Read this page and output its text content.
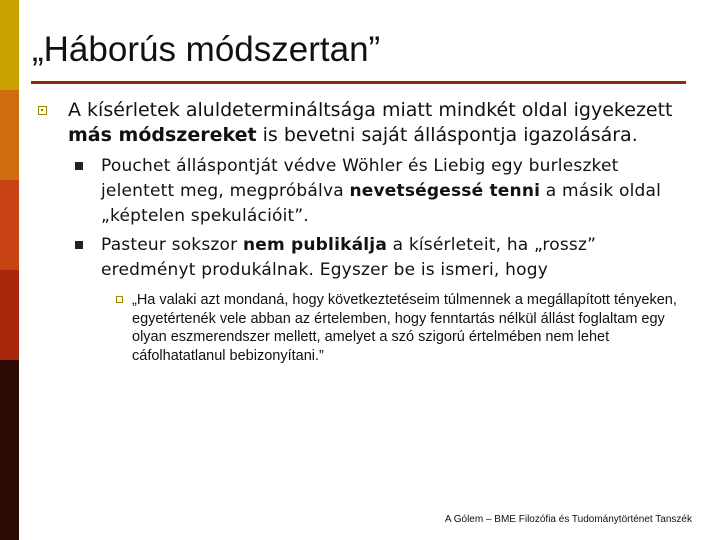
„Háborús módszertan”
A kísérletek aluldetermináltsága miatt mindkét oldal igyekezett más módszereket is bevetni saját álláspontja igazolására.
Pouchet álláspontját védve Wöhler és Liebig egy burleszket jelentett meg, megpróbálva nevetségessé tenni a másik oldal „képtelen spekulációit”.
Pasteur sokszor nem publikálja a kísérleteit, ha „rossz” eredményt produkálnak. Egyszer be is ismeri, hogy
„Ha valaki azt mondaná, hogy következtetéseim túlmennek a megállapított tényeken, egyetértenék vele abban az értelemben, hogy fenntartás nélkül állást foglaltam egy olyan eszmerendszer mellett, amelyet a szó szigorú értelmében nem lehet cáfolhatatlanul bebizonyítani.”
A Gólem – BME Filozófia és Tudománytörténet Tanszék
